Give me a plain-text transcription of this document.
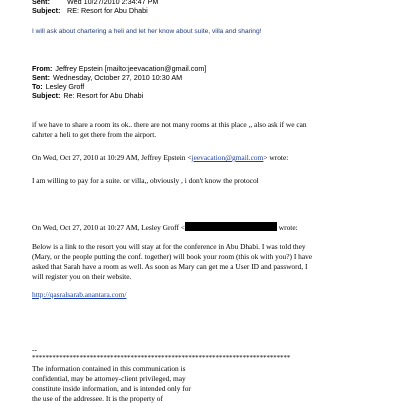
Sent: Wed 10/27/2010 2:34:47 PM
Subject: RE: Resort for Abu Dhabi
I will ask about chartering a heli and let her know about suite, villa and sharing!
From: Jeffrey Epstein [mailto:jeevacation@gmail.com]
Sent: Wednesday, October 27, 2010 10:30 AM
To: Lesley Groff
Subject: Re: Resort for Abu Dhabi
if we have to share a room its ok.. there are not many rooms at this place ,, also ask if we can
cahrter a heli to get there from the airport.
On Wed, Oct 27, 2010 at 10:29 AM, Jeffrey Epstein <jeevacation@gmail.com> wrote:
I am willing to pay for a suite. or villa,, obviously , i don't know the protocol
On Wed, Oct 27, 2010 at 10:27 AM, Lesley Groff <	wrote:
Below is a link to the resort you will stay at for the conference in Abu Dhabi. I was told they
(Mary, or the people putting the conf. together) will book your room (this ok with you?) I have
asked that Sarah have a room as well. As soon as Mary can get me a User ID and password, I
will register you on their website.
http://qasralsarab.anantara.com/
--
****************************************************************************
The information contained in this communication is
confidential, may be attorney-client privileged, may
constitute inside information, and is intended only for
the use of the addressee. It is the property of
